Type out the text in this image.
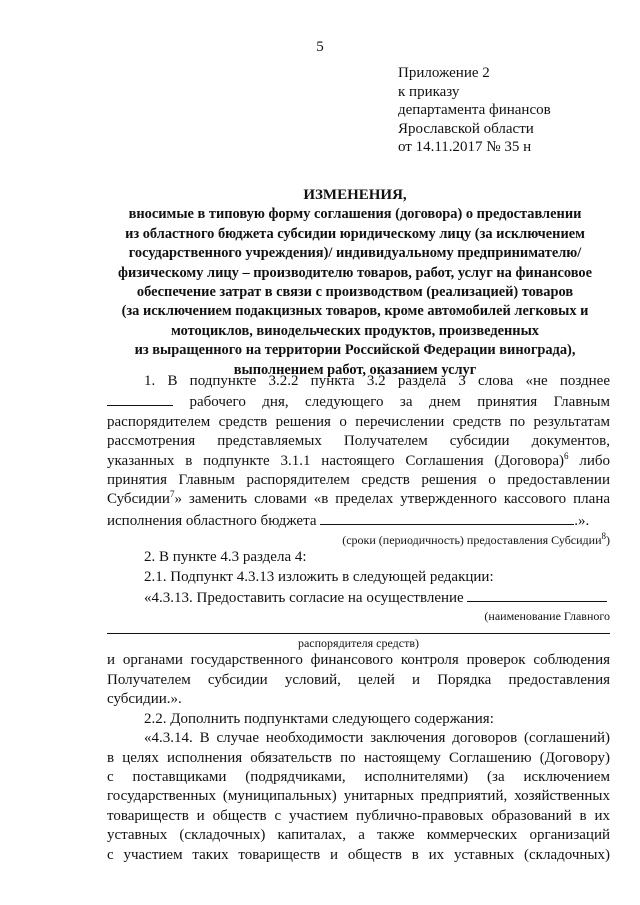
5
Приложение 2
к приказу
департамента финансов
Ярославской области
от 14.11.2017 № 35 н
ИЗМЕНЕНИЯ,
вносимые в типовую форму соглашения (договора) о предоставлении
из областного бюджета субсидии юридическому лицу (за исключением
государственного учреждения)/ индивидуальному предпринимателю/
физическому лицу – производителю товаров, работ, услуг на финансовое
обеспечение затрат в связи с производством (реализацией) товаров
(за исключением подакцизных товаров, кроме автомобилей легковых и
мотоциклов, винодельческих продуктов, произведенных
из выращенного на территории Российской Федерации винограда),
выполнением работ, оказанием услуг
1. В подпункте 3.2.2 пункта 3.2 раздела 3 слова «не позднее
рабочего дня, следующего за днем принятия Главным
распорядителем средств решения о перечислении средств по результатам
рассмотрения представляемых Получателем субсидии документов,
указанных в подпункте 3.1.1 настоящего Соглашения (Договора)$^6$ либо
принятия Главным распорядителем средств решения о предоставлении
Субсидии$^7$» заменить словами «в пределах утвержденного кассового плана
исполнения областного бюджета	.».
(сроки (периодичность) предоставления Субсидии$^8$)
2. В пункте 4.3 раздела 4:
2.1. Подпункт 4.3.13 изложить в следующей редакции:
«4.3.13. Предоставить согласие на осуществление
(наименование Главного
распорядителя средств)
и органами государственного финансового контроля проверок соблюдения
Получателем субсидии условий, целей и Порядка предоставления
субсидии.».
2.2. Дополнить подпунктами следующего содержания:
«4.3.14. В случае необходимости заключения договоров (соглашений)
в целях исполнения обязательств по настоящему Соглашению (Договору)
с поставщиками (подрядчиками, исполнителями) (за исключением
государственных (муниципальных) унитарных предприятий, хозяйственных
товариществ и обществ с участием публично-правовых образований в их
уставных (складочных) капиталах, а также коммерческих организаций
с участием таких товариществ и обществ в их уставных (складочных)
